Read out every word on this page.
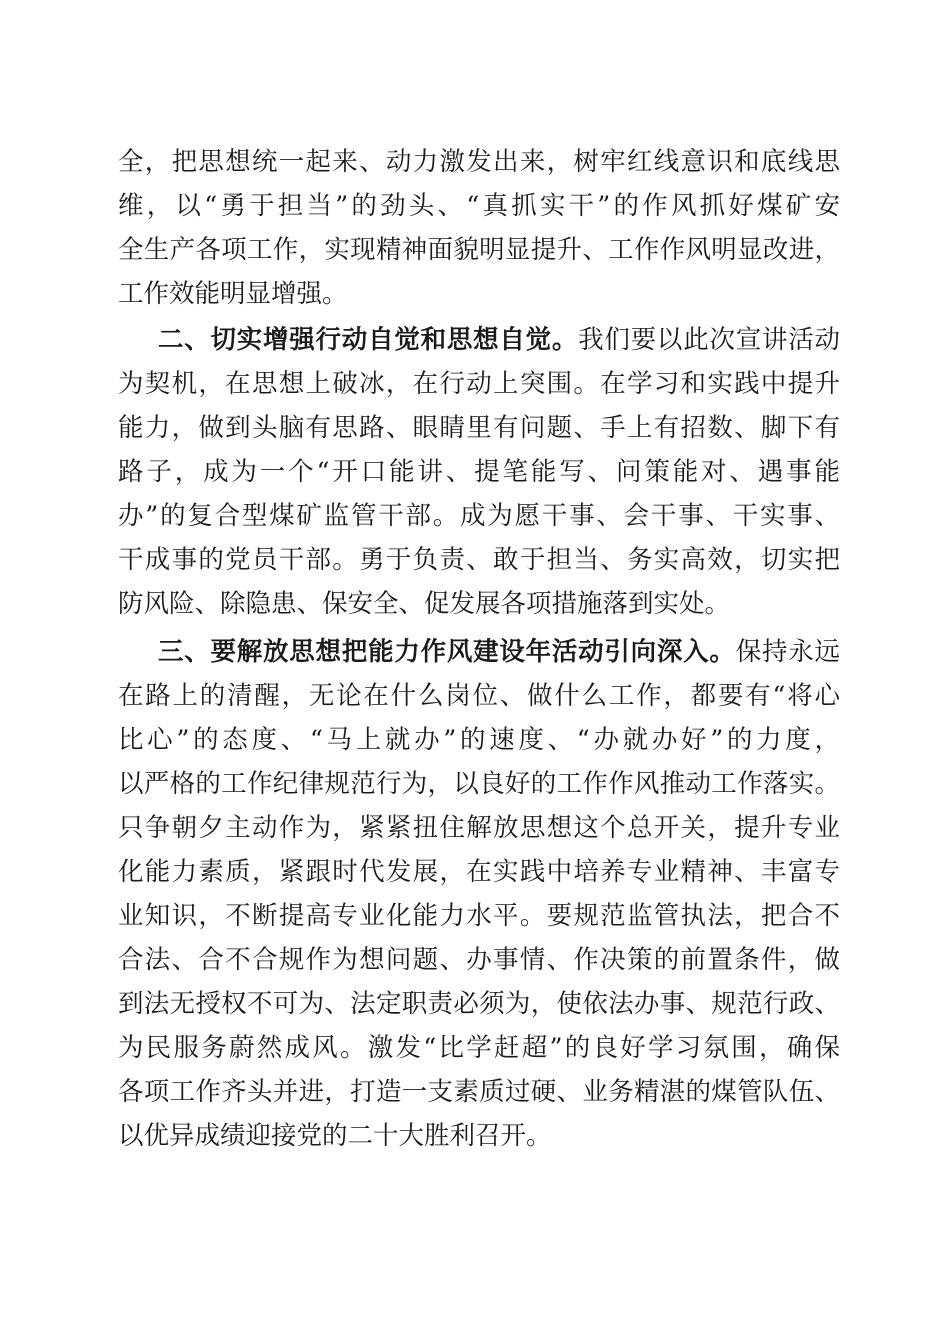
全，把思想统一起来、动力激发出来，树牢红线意识和底线思
维，以“勇于担当”的劲头、“真抓实干”的作风抓好煤矿安
全生产各项工作，实现精神面貌明显提升、工作作风明显改进，
工作效能明显增强。
二、切实增强行动自觉和思想自觉。我们要以此次宣讲活动
为契机，在思想上破冰，在行动上突围。在学习和实践中提升
能力，做到头脑有思路、眼睛里有问题、手上有招数、脚下有
路子，成为一个“开口能讲、提笔能写、问策能对、遇事能
办”的复合型煤矿监管干部。成为愿干事、会干事、干实事、
干成事的党员干部。勇于负责、敢于担当、务实高效，切实把
防风险、除隐患、保安全、促发展各项措施落到实处。
三、要解放思想把能力作风建设年活动引向深入。保持永远
在路上的清醒，无论在什么岗位、做什么工作，都要有“将心
比心”的态度、“马上就办”的速度、“办就办好”的力度，
以严格的工作纪律规范行为，以良好的工作作风推动工作落实。
只争朝夕主动作为，紧紧扭住解放思想这个总开关，提升专业
化能力素质，紧跟时代发展，在实践中培养专业精神、丰富专
业知识，不断提高专业化能力水平。要规范监管执法，把合不
合法、合不合规作为想问题、办事情、作决策的前置条件，做
到法无授权不可为、法定职责必须为，使依法办事、规范行政、
为民服务蔚然成风。激发“比学赶超”的良好学习氛围，确保
各项工作齐头并进，打造一支素质过硬、业务精湛的煤管队伍、
以优异成绩迎接党的二十大胜利召开。
